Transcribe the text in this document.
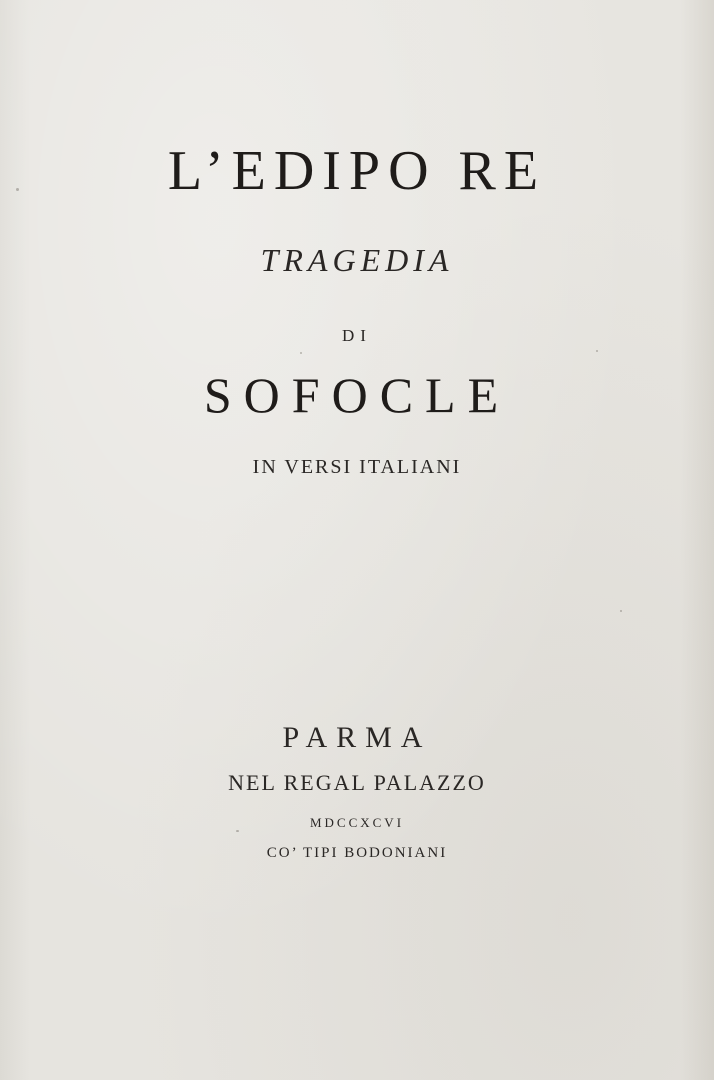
L’EDIPO RE
TRAGEDIA
DI
SOFOCLE
IN VERSI ITALIANI
PARMA
NEL REGAL PALAZZO
MDCCXCVI
CO’ TIPI BODONIANI
